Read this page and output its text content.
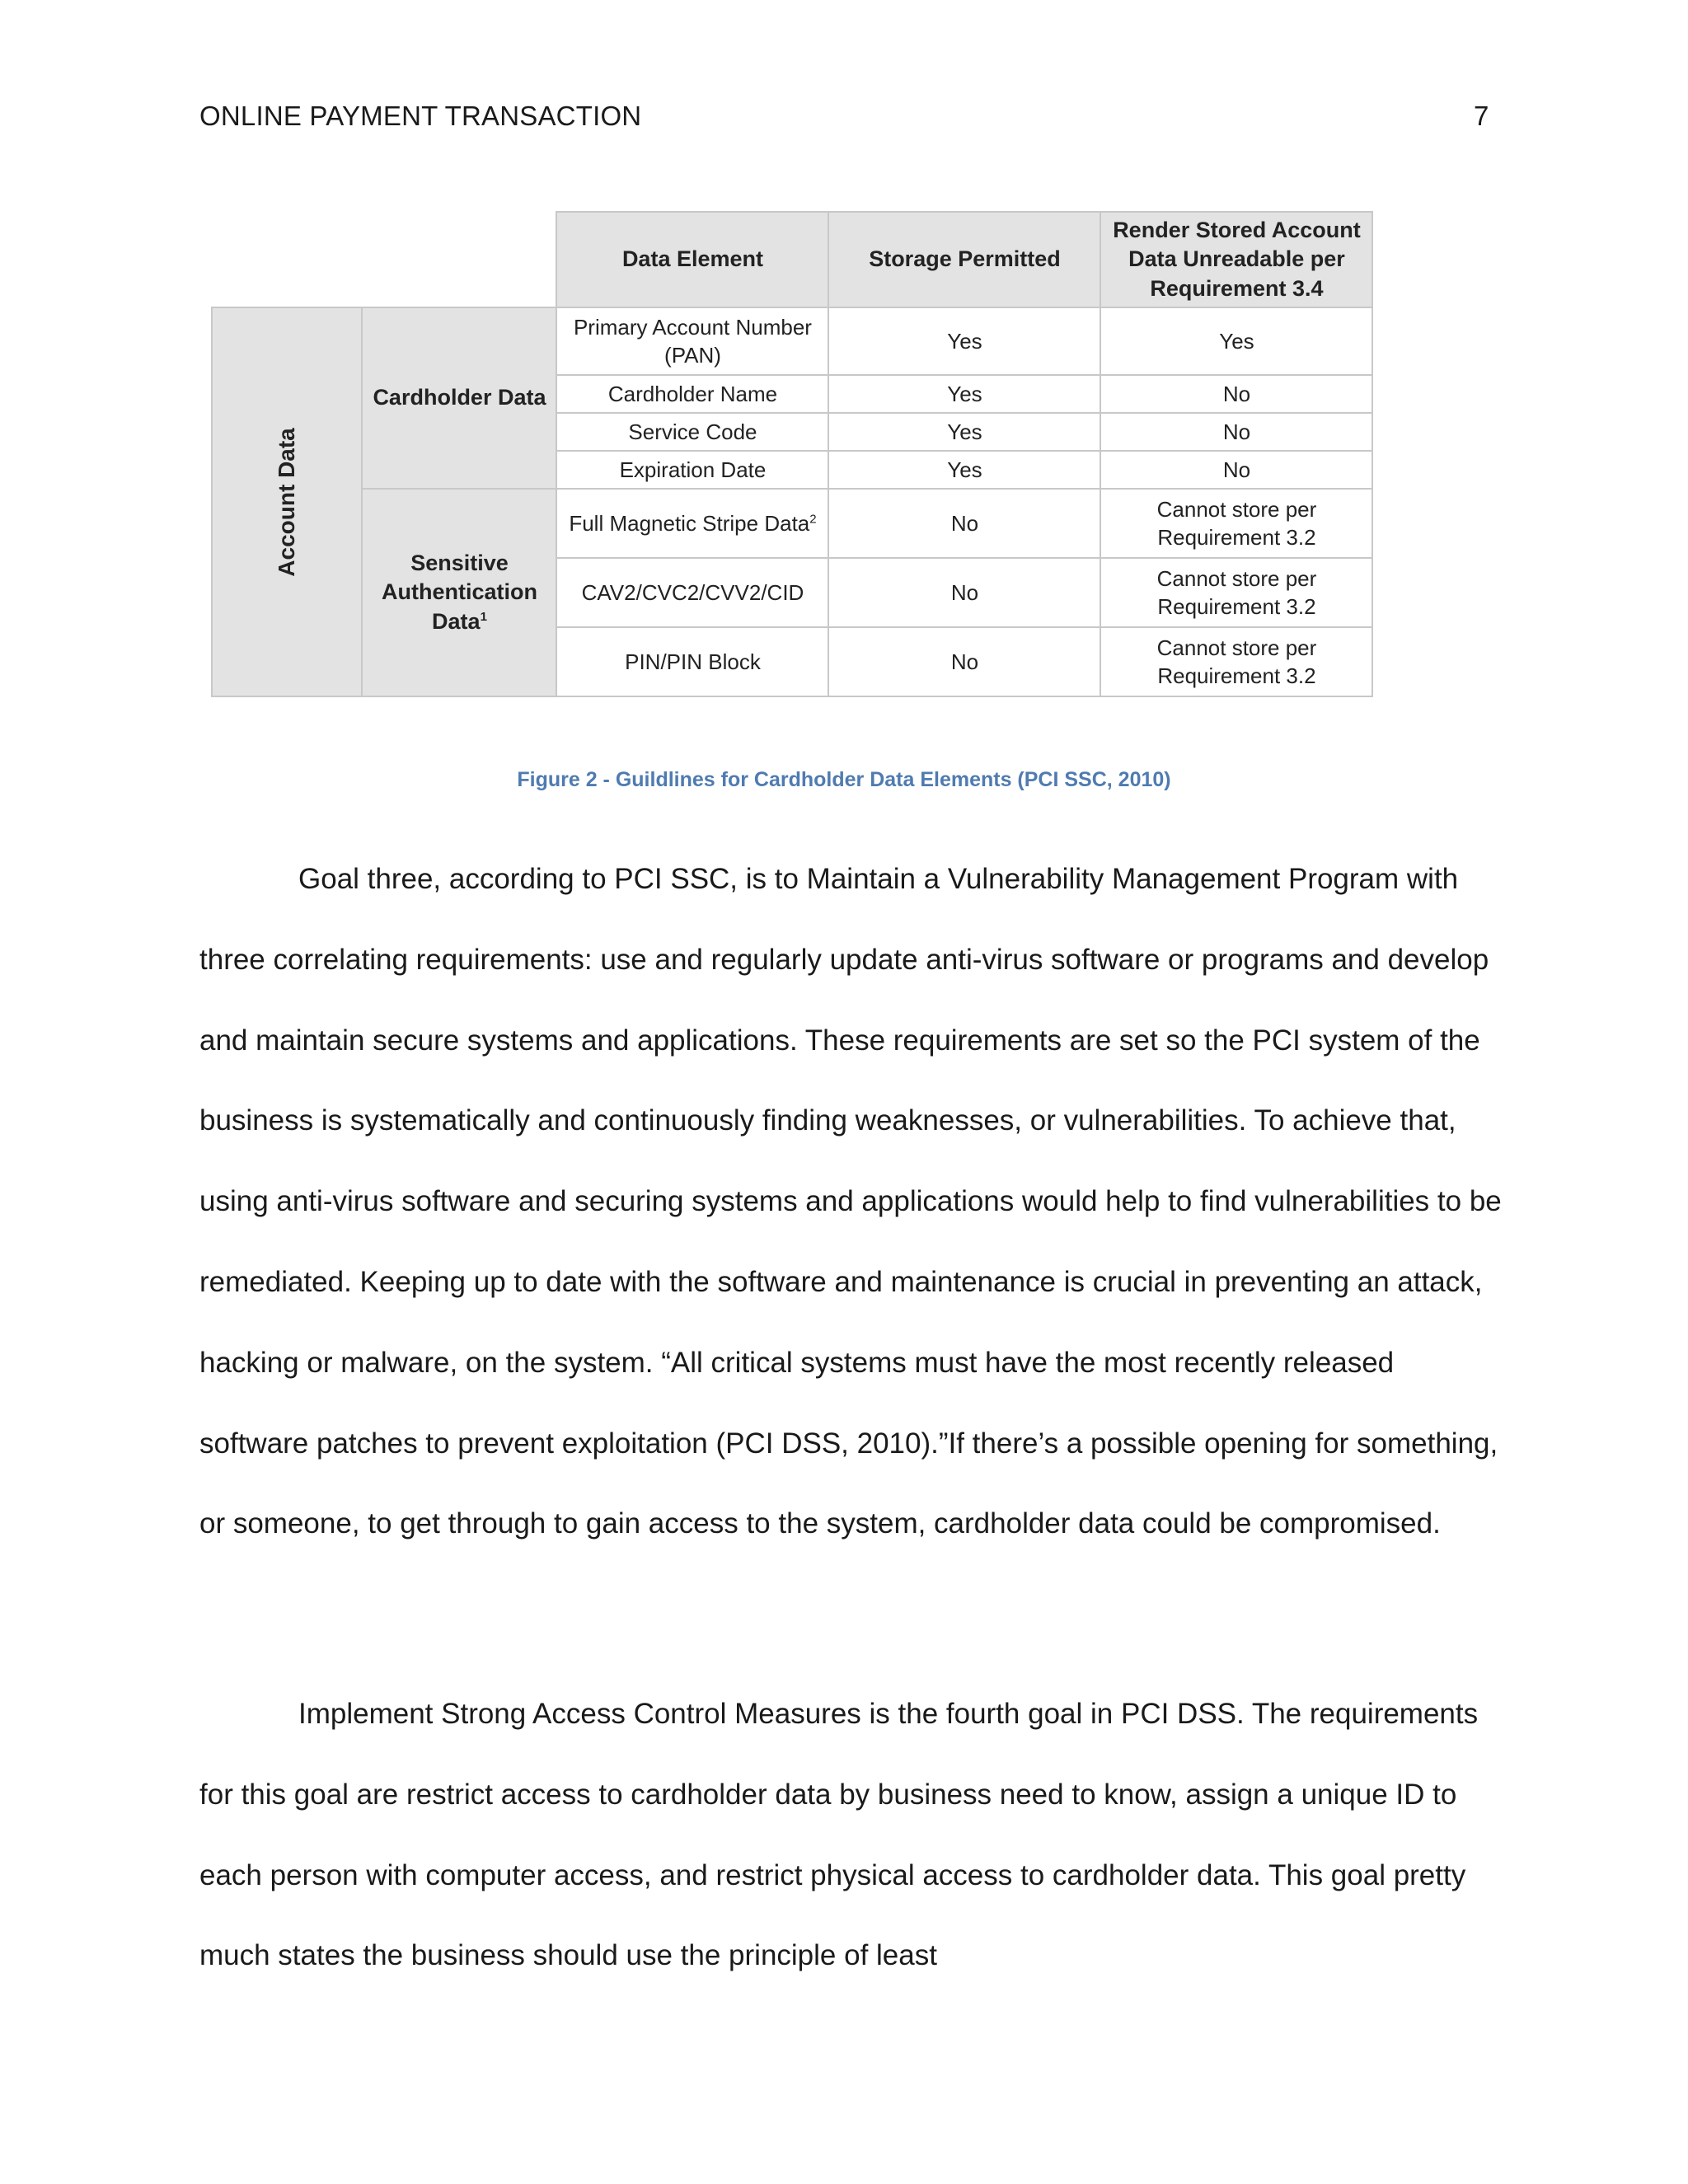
ONLINE PAYMENT TRANSACTION	7
		Data Element	Storage Permitted	Render Stored Account Data Unreadable per Requirement 3.4
Account Data	Cardholder Data	Primary Account Number (PAN)	Yes	Yes
		Cardholder Name	Yes	No
		Service Code	Yes	No
		Expiration Date	Yes	No
	Sensitive Authentication Data$^1$	Full Magnetic Stripe Data$^2$	No	Cannot store per Requirement 3.2
		CAV2/CVC2/CVV2/CID	No	Cannot store per Requirement 3.2
		PIN/PIN Block	No	Cannot store per Requirement 3.2
Figure 2 - Guildlines for Cardholder Data Elements (PCI SSC, 2010)

Goal three, according to PCI SSC, is to Maintain a Vulnerability Management Program with three correlating requirements: use and regularly update anti-virus software or programs and develop and maintain secure systems and applications. These requirements are set so the PCI system of the business is systematically and continuously finding weaknesses, or vulnerabilities. To achieve that, using anti-virus software and securing systems and applications would help to find vulnerabilities to be remediated. Keeping up to date with the software and maintenance is crucial in preventing an attack, hacking or malware, on the system. “All critical systems must have the most recently released software patches to prevent exploitation (PCI DSS, 2010).”If there’s a possible opening for something, or someone, to get through to gain access to the system, cardholder data could be compromised.

Implement Strong Access Control Measures is the fourth goal in PCI DSS. The requirements for this goal are restrict access to cardholder data by business need to know, assign a unique ID to each person with computer access, and restrict physical access to cardholder data. This goal pretty much states the business should use the principle of least
